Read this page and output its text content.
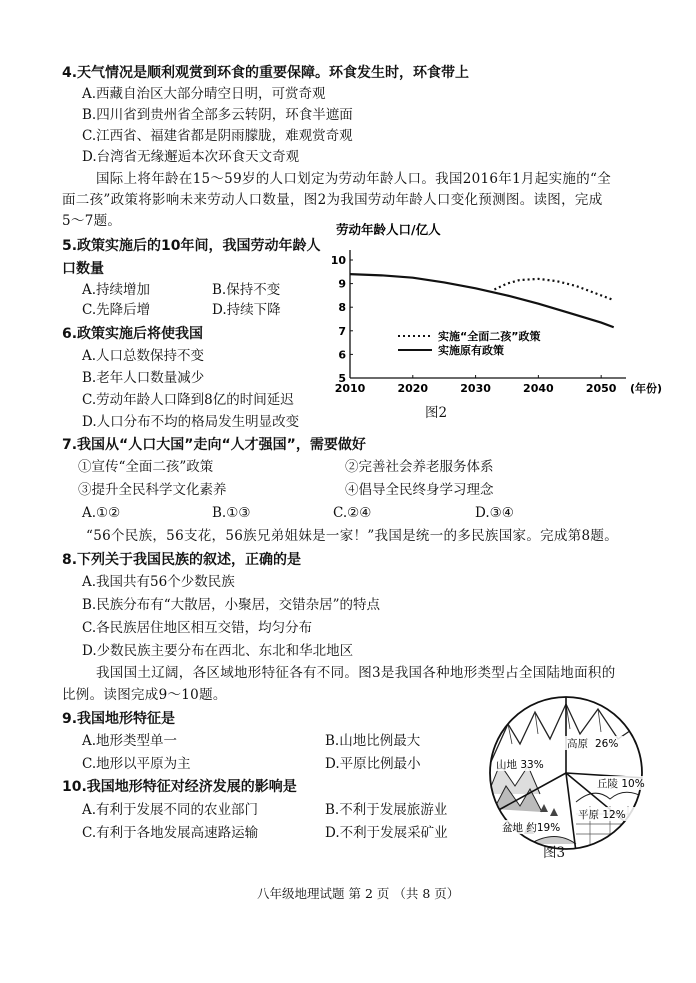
4.天气情况是顺利观赏到环食的重要保障。环食发生时，环食带上
A.西藏自治区大部分晴空日明，可赏奇观
B.四川省到贵州省全部多云转阴，环食半遮面
C.江西省、福建省都是阴雨朦胧，难观赏奇观
D.台湾省无缘邂逅本次环食天文奇观
国际上将年龄在15～59岁的人口划定为劳动年龄人口。我国2016年1月起实施的“全
面二孩”政策将影响未来劳动人口数量，图2为我国劳动年龄人口变化预测图。读图，完成
5～7题。
5.政策实施后的10年间，我国劳动年龄人
口数量
A.持续增加	B.保持不变
C.先降后增	D.持续下降
6.政策实施后将使我国
A.人口总数保持不变
B.老年人口数量减少
C.劳动年龄人口降到8亿的时间延迟
D.人口分布不均的格局发生明显改变
劳动年龄人口/亿人
2010	2020	2030	2040	2050
5
6
7
8
9
10
实施“全面二孩”政策
实施原有政策
(年份)
图2
7.我国从“人口大国”走向“人才强国”，需要做好
①宣传“全面二孩”政策	②完善社会养老服务体系
③提升全民科学文化素养	④倡导全民终身学习理念
A.①②	B.①③	C.②④	D.③④
“56个民族，56支花，56族兄弟姐妹是一家！”我国是统一的多民族国家。完成第8题。
8.下列关于我国民族的叙述，正确的是
A.我国共有56个少数民族
B.民族分布有“大散居，小聚居，交错杂居”的特点
C.各民族居住地区相互交错，均匀分布
D.少数民族主要分布在西北、东北和华北地区
我国国土辽阔，各区域地形特征各有不同。图3是我国各种地形类型占全国陆地面积的
比例。读图完成9～10题。
9.我国地形特征是
A.地形类型单一	B.山地比例最大
C.地形以平原为主	D.平原比例最小
10.我国地形特征对经济发展的影响是
A.有利于发展不同的农业部门	B.不利于发展旅游业
C.有利于各地发展高速路运输	D.不利于发展采矿业
山地 33%
高原 26%
丘陵 10%
平原 12%
盆地 约19%
图3
八年级地理试题 第 2 页 （共 8 页）
